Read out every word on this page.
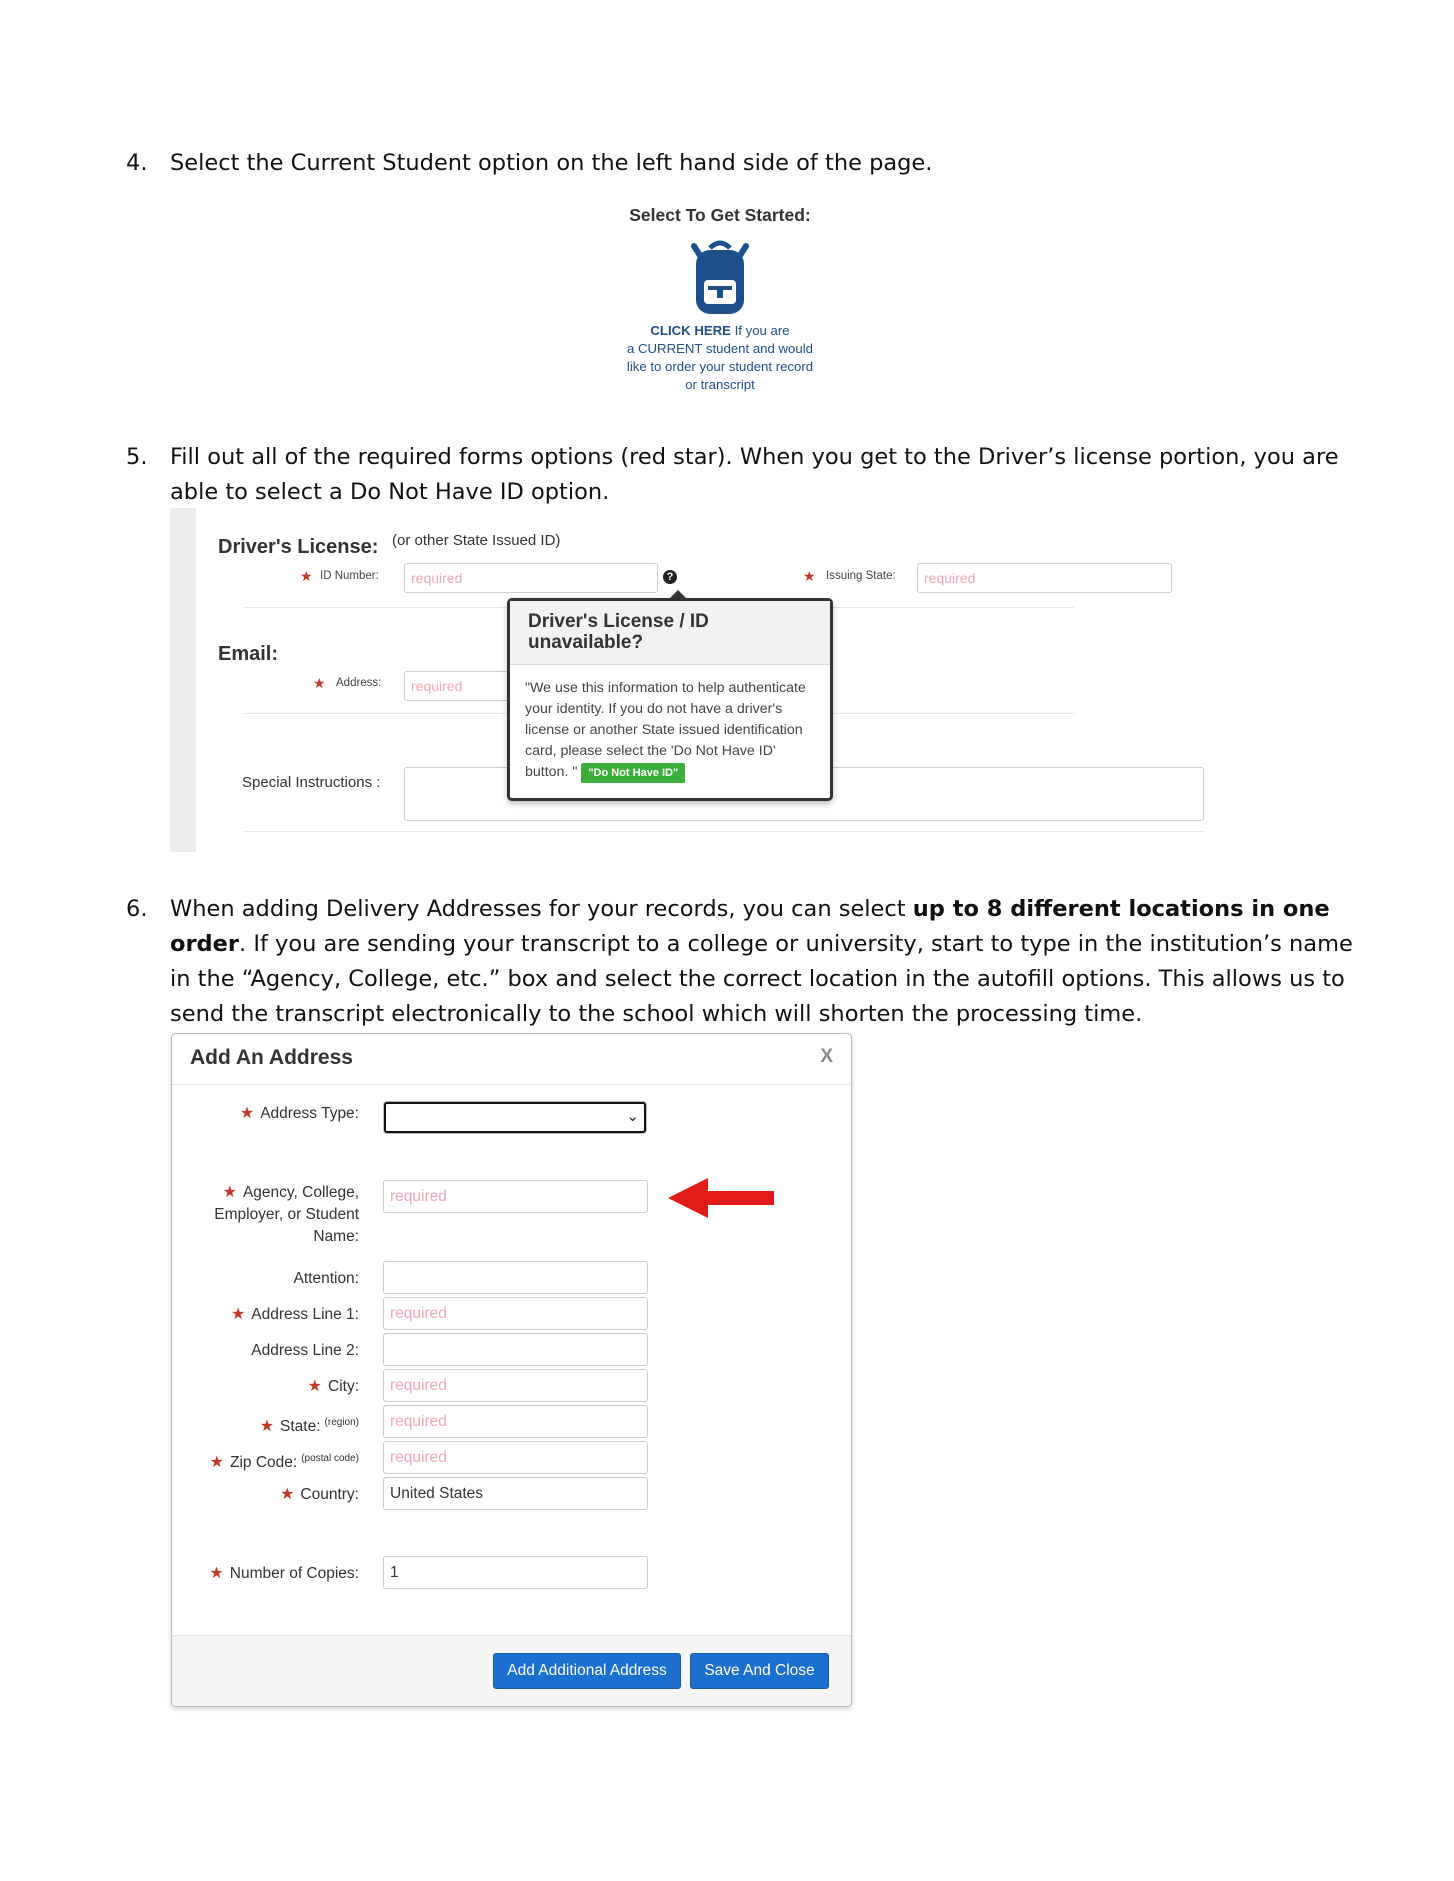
4. Select the Current Student option on the left hand side of the page.
Select To Get Started:
CLICK HERE If you are
a CURRENT student and would
like to order your student record
or transcript
5. Fill out all of the required forms options (red star). When you get to the Driver’s license portion, you are able to select a Do Not Have ID option.
Driver's License: (or other State Issued ID)
★ ID Number:	required	?	★ Issuing State:	required
Email:
★ Address:	required
Special Instructions :
Driver's License / ID unavailable?
"We use this information to help authenticate your identity. If you do not have a driver's license or another State issued identification card, please select the 'Do Not Have ID' button. " "Do Not Have ID"
6. When adding Delivery Addresses for your records, you can select up to 8 different locations in one order. If you are sending your transcript to a college or university, start to type in the institution’s name in the “Agency, College, etc.” box and select the correct location in the autofill options. This allows us to send the transcript electronically to the school which will shorten the processing time.
Add An Address	X
★ Address Type:	⌄
★ Agency, College,
Employer, or Student
Name:
required
Attention:
★ Address Line 1:	required
Address Line 2:
★ City:	required
★ State: $^{(region)}$	required
★ Zip Code: $^{(postal code)}$	required
★ Country:	United States
★ Number of Copies:	1
Add Additional Address	Save And Close
